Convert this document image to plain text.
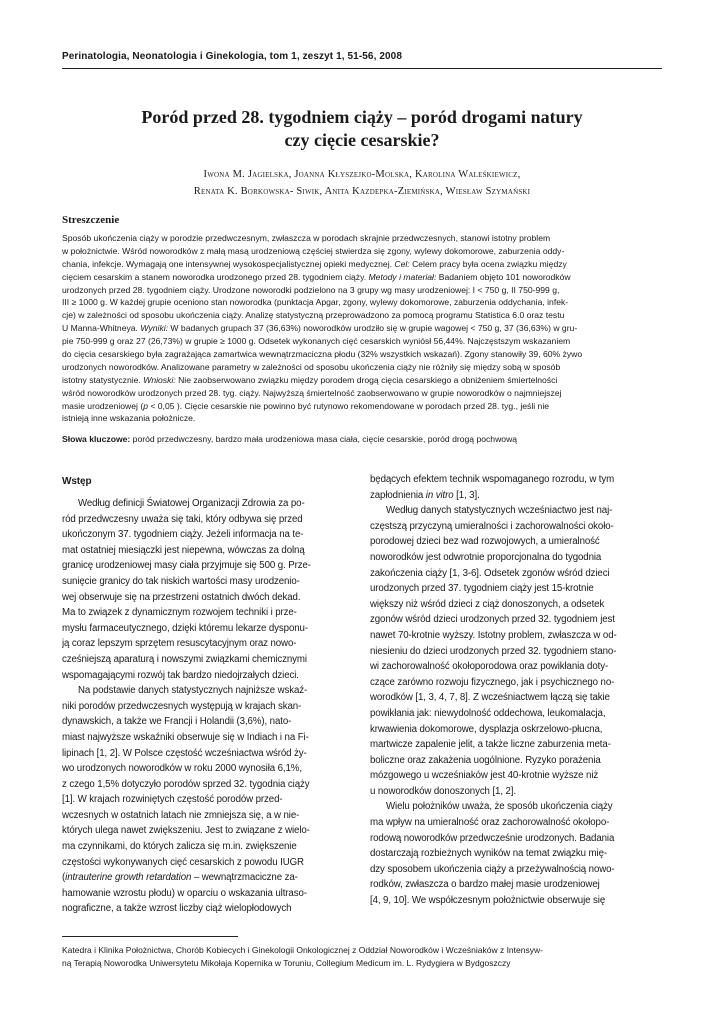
Perinatologia, Neonatologia i Ginekologia, tom 1, zeszyt 1, 51-56, 2008
Poród przed 28. tygodniem ciąży – poród drogami natury
czy cięcie cesarskie?
Iwona M. Jagielska, Joanna Kłyszejko-Molska, Karolina Waleśkiewicz,
Renata K. Borkowska- Siwik, Anita Kazdepka-Ziemińska, Wiesław Szymański
Streszczenie
Sposób ukończenia ciąży w porodzie przedwczesnym, zwłaszcza w porodach skrajnie przedwczesnych, stanowi istotny problem
w położnictwie. Wśród noworodków z małą masą urodzeniową częściej stwierdza się zgony, wylewy dokomorowe, zaburzenia oddy-
chania, infekcje. Wymagają one intensywnej wysokospecjalistycznej opieki medycznej. Cel: Celem pracy była ocena związku między
cięciem cesarskim a stanem noworodka urodzonego przed 28. tygodniem ciąży. Metody i materiał: Badaniem objęto 101 noworodków
urodzonych przed 28. tygodniem ciąży. Urodzone noworodki podzielono na 3 grupy wg masy urodzeniowej: I < 750 g, II 750-999 g,
III ≥ 1000 g. W każdej grupie oceniono stan noworodka (punktacja Apgar, zgony, wylewy dokomorowe, zaburzenia oddychania, infek-
cje) w zależności od sposobu ukończenia ciąży. Analizę statystyczną przeprowadzono za pomocą programu Statistica 6.0 oraz testu
U Manna-Whitneya. Wyniki: W badanych grupach 37 (36,63%) noworodków urodziło się w grupie wagowej < 750 g, 37 (36,63%) w gru-
pie 750-999 g oraz 27 (26,73%) w grupie ≥ 1000 g. Odsetek wykonanych cięć cesarskich wyniósł 56,44%. Najczęstszym wskazaniem
do cięcia cesarskiego była zagrażająca zamartwica wewnątrzmaciczna płodu (32% wszystkich wskazań). Zgony stanowiły 39, 60% żywo
urodzonych noworodków. Analizowane parametry w zależności od sposobu ukończenia ciąży nie różniły się między sobą w sposób
istotny statystycznie. Wnioski: Nie zaobserwowano związku między porodem drogą cięcia cesarskiego a obniżeniem śmiertelności
wśród noworodków urodzonych przed 28. tyg. ciąży. Najwyższą śmiertelność zaobserwowano w grupie noworodków o najmniejszej
masie urodzeniowej (p < 0,05 ). Cięcie cesarskie nie powinno być rutynowo rekomendowane w porodach przed 28. tyg., jeśli nie
istnieją inne wskazania położnicze.
Słowa kluczowe: poród przedwczesny, bardzo mała urodzeniowa masa ciała, cięcie cesarskie, poród drogą pochwową
Wstęp
Według definicji Światowej Organizacji Zdrowia za po-
ród przedwczesny uważa się taki, który odbywa się przed
ukończonym 37. tygodniem ciąży. Jeżeli informacja na te-
mat ostatniej miesiączki jest niepewna, wówczas za dolną
granicę urodzeniowej masy ciała przyjmuje się 500 g. Prze-
sunięcie granicy do tak niskich wartości masy urodzenio-
wej obserwuje się na przestrzeni ostatnich dwóch dekad.
Ma to związek z dynamicznym rozwojem techniki i prze-
mysłu farmaceutycznego, dzięki któremu lekarze dysponu-
ją coraz lepszym sprzętem resuscytacyjnym oraz nowo-
cześniejszą aparaturą i nowszymi związkami chemicznymi
wspomagającymi rozwój tak bardzo niedojrzałych dzieci.
Na podstawie danych statystycznych najniższe wskaź-
niki porodów przedwczesnych występują w krajach skan-
dynawskich, a także we Francji i Holandii (3,6%), nato-
miast najwyższe wskaźniki obserwuje się w Indiach i na Fi-
lipinach [1, 2]. W Polsce częstość wcześniactwa wśród ży-
wo urodzonych noworodków w roku 2000 wynosiła 6,1%,
z czego 1,5% dotyczyło porodów sprzed 32. tygodnia ciąży
[1]. W krajach rozwiniętych częstość porodów przed-
wczesnych w ostatnich latach nie zmniejsza się, a w nie-
których ulega nawet zwiększeniu. Jest to związane z wielo-
ma czynnikami, do których zalicza się m.in. zwiększenie
częstości wykonywanych cięć cesarskich z powodu IUGR
(intrauterine growth retardation – wewnątrzmaciczne za-
hamowanie wzrostu płodu) w oparciu o wskazania ultraso-
nograficzne, a także wzrost liczby ciąż wielopłodowych
będących efektem technik wspomaganego rozrodu, w tym
zapłodnienia in vitro [1, 3].
Według danych statystycznych wcześniactwo jest naj-
częstszą przyczyną umieralności i zachorowalności około-
porodowej dzieci bez wad rozwojowych, a umieralność
noworodków jest odwrotnie proporcjonalna do tygodnia
zakończenia ciąży [1, 3-6]. Odsetek zgonów wśród dzieci
urodzonych przed 37. tygodniem ciąży jest 15-krotnie
większy niż wśród dzieci z ciąż donoszonych, a odsetek
zgonów wśród dzieci urodzonych przed 32. tygodniem jest
nawet 70-krotnie wyższy. Istotny problem, zwłaszcza w od-
niesieniu do dzieci urodzonych przed 32. tygodniem stano-
wi zachorowalność okołoporodowa oraz powikłania doty-
czące zarówno rozwoju fizycznego, jak i psychicznego no-
worodków [1, 3, 4, 7, 8]. Z wcześniactwem łączą się takie
powikłania jak: niewydolność oddechowa, leukomalacja,
krwawienia dokomorowe, dysplazja oskrzelowo-płucna,
martwicze zapalenie jelit, a także liczne zaburzenia meta-
boliczne oraz zakażenia uogólnione. Ryzyko porażenia
mózgowego u wcześniaków jest 40-krotnie wyższe niż
u noworodków donoszonych [1, 2].
Wielu położników uważa, że sposób ukończenia ciąży
ma wpływ na umieralność oraz zachorowalność okołopo-
rodową noworodków przedwcześnie urodzonych. Badania
dostarczają rozbieżnych wyników na temat związku mię-
dzy sposobem ukończenia ciąży a przeżywalnością nowo-
rodków, zwłaszcza o bardzo małej masie urodzeniowej
[4, 9, 10]. We współczesnym położnictwie obserwuje się
Katedra i Klinika Położnictwa, Chorób Kobiecych i Ginekologii Onkologicznej z Oddział Noworodków i Wcześniaków z Intensyw-
ną Terapią Noworodka Uniwersytetu Mikołaja Kopernika w Toruniu, Collegium Medicum im. L. Rydygiera w Bydgoszczy
